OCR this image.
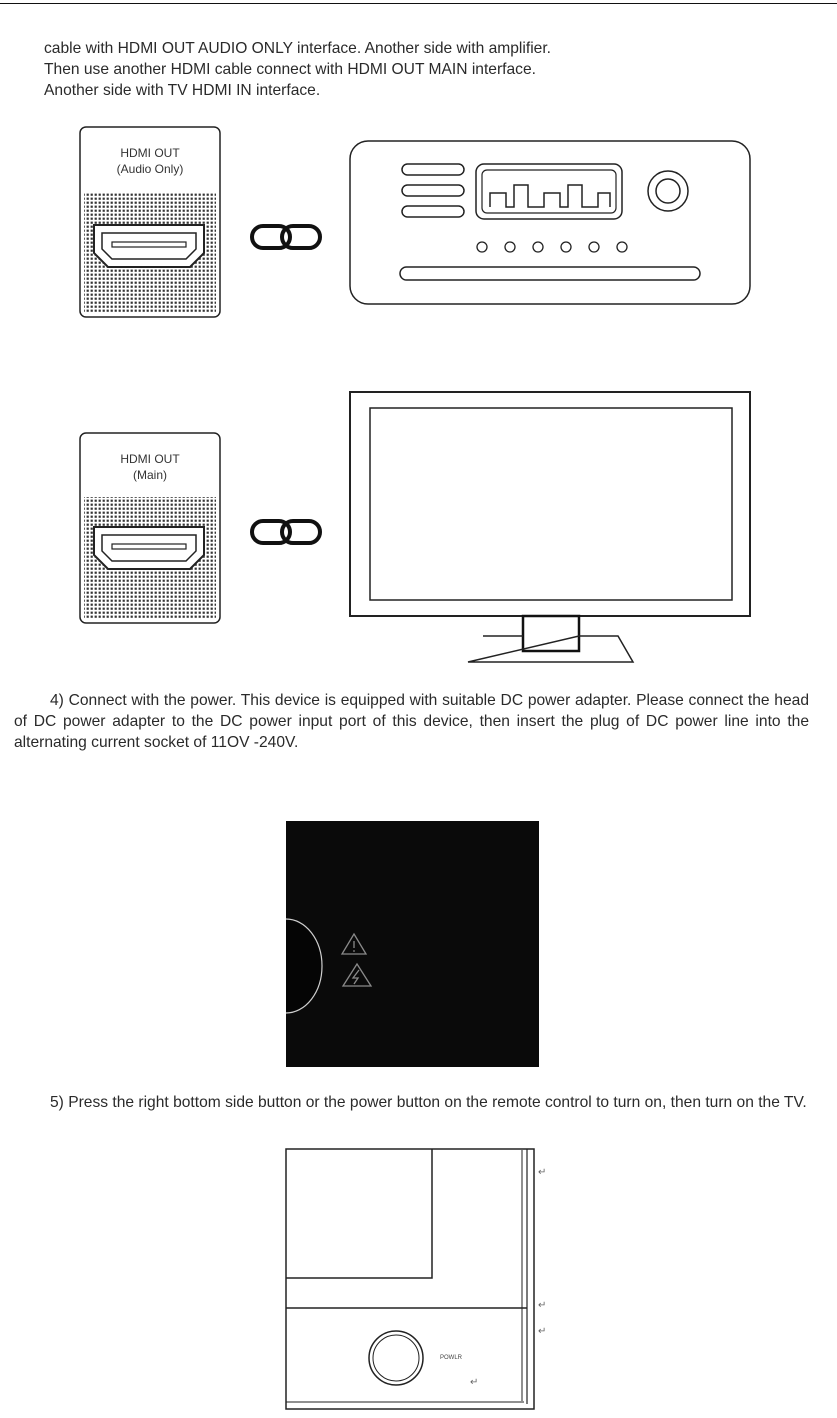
cable with HDMI OUT AUDIO ONLY interface. Another side with amplifier.
Then use another HDMI cable connect with HDMI OUT MAIN interface.
Another side with TV HDMI IN interface.
HDMI OUT
(Audio Only)
HDMI OUT
(Main)

4) Connect with the power. This device is equipped with suitable DC power adapter. Please connect the head of DC power adapter to the DC power input port of this device, then insert the plug of DC power line into the alternating current socket of 11OV -240V.

5) Press the right bottom side button or the power button on the remote control to turn on, then turn on the TV.

POWLR
↵
↵
↵
↵
